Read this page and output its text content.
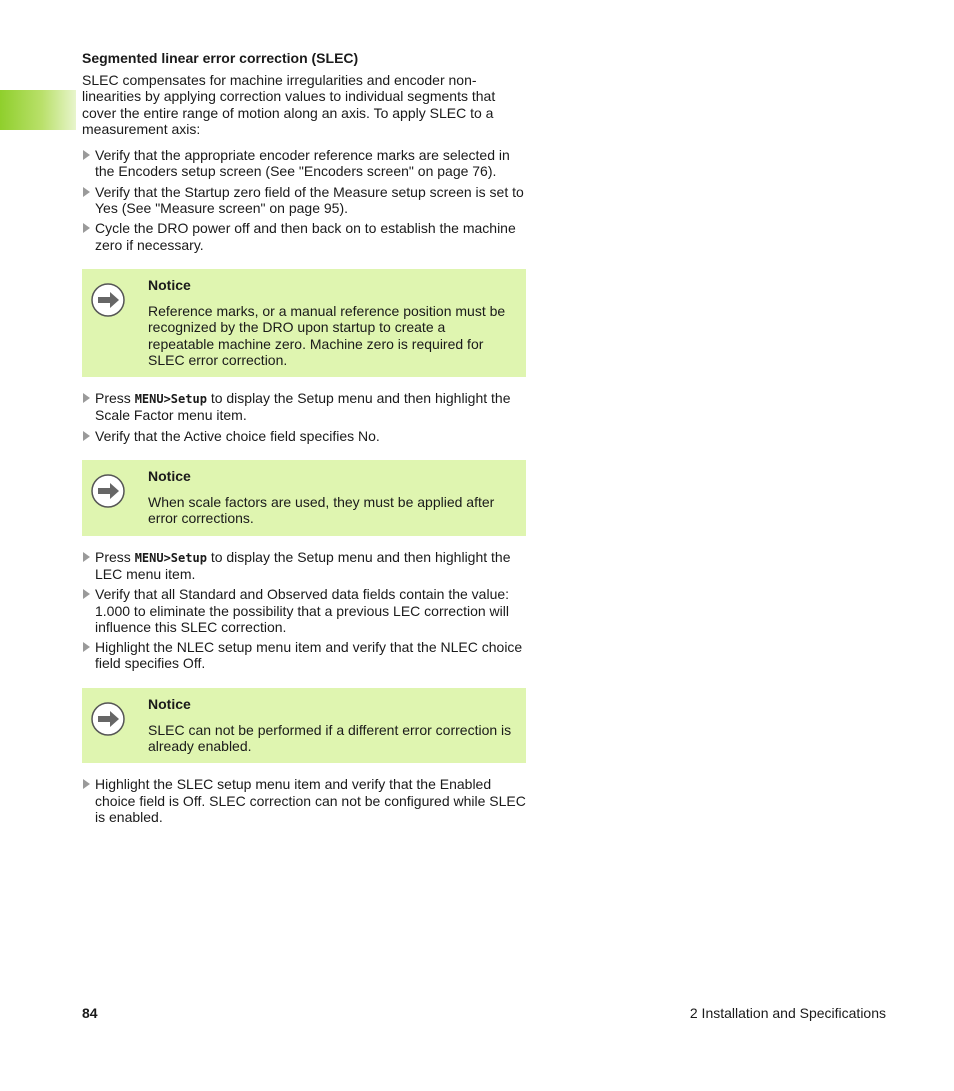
Segmented linear error correction (SLEC)
SLEC compensates for machine irregularities and encoder non-linearities by applying correction values to individual segments that cover the entire range of motion along an axis. To apply SLEC to a measurement axis:
Verify that the appropriate encoder reference marks are selected in the Encoders setup screen (See "Encoders screen" on page 76).
Verify that the Startup zero field of the Measure setup screen is set to Yes (See "Measure screen" on page 95).
Cycle the DRO power off and then back on to establish the machine zero if necessary.
Notice
Reference marks, or a manual reference position must be recognized by the DRO upon startup to create a repeatable machine zero. Machine zero is required for SLEC error correction.
Press MENU>Setup to display the Setup menu and then highlight the Scale Factor menu item.
Verify that the Active choice field specifies No.
Notice
When scale factors are used, they must be applied after error corrections.
Press MENU>Setup to display the Setup menu and then highlight the LEC menu item.
Verify that all Standard and Observed data fields contain the value: 1.000 to eliminate the possibility that a previous LEC correction will influence this SLEC correction.
Highlight the NLEC setup menu item and verify that the NLEC choice field specifies Off.
Notice
SLEC can not be performed if a different error correction is already enabled.
Highlight the SLEC setup menu item and verify that the Enabled choice field is Off. SLEC correction can not be configured while SLEC is enabled.
84	2 Installation and Specifications
